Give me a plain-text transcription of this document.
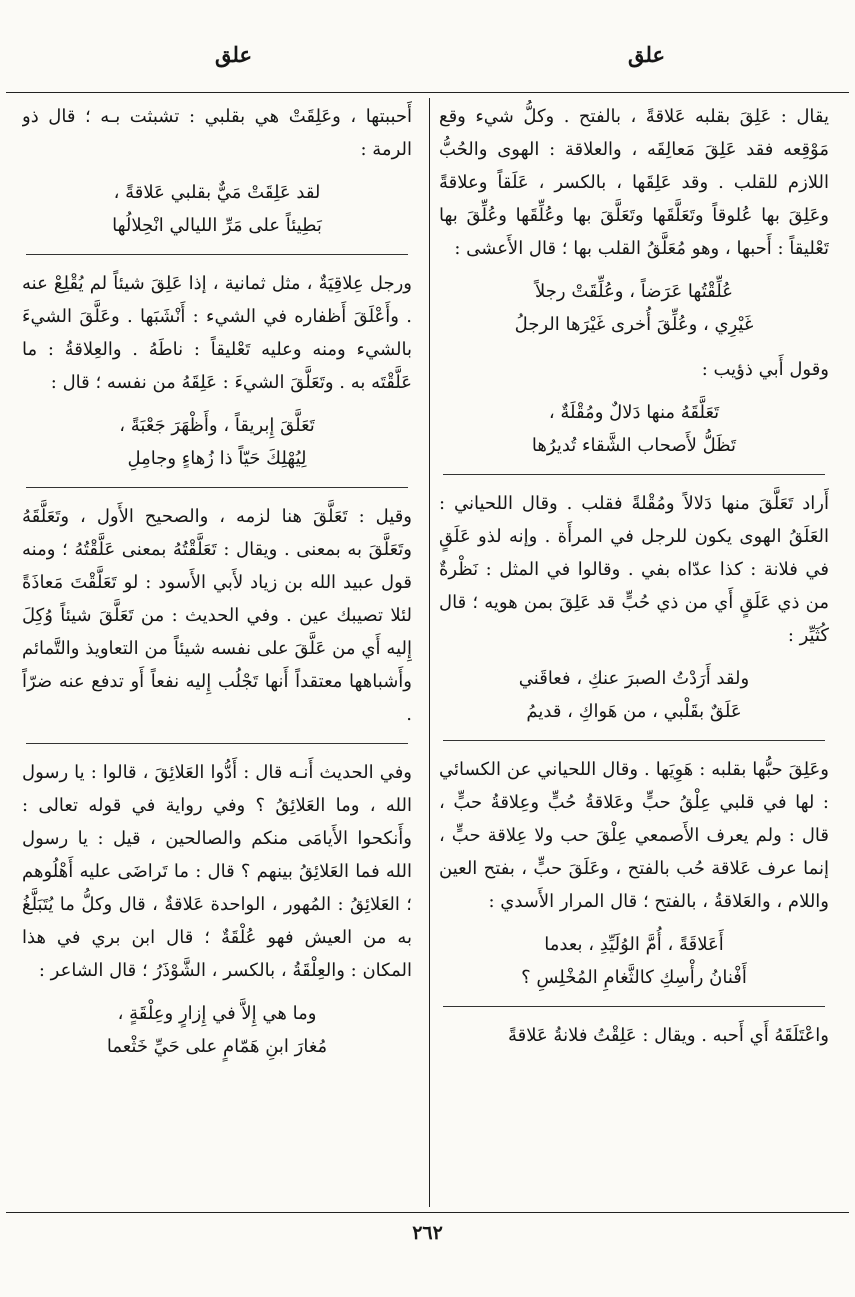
علق
علق

يقال : عَلِقَ بقلبه عَلاقةً ، بالفتح . وكلُّ شيء وقع مَوْقِعه فقد عَلِقَ مَعالِقَه ، والعلاقة : الهوى والحُبُّ اللازم للقلب . وقد عَلِقَها ، بالكسر ، عَلَقاً وعلاقةً وعَلِقَ بها عُلوقاً وتَعَلَّقَها وتَعَلَّقَ بها وعُلِّقَها وعُلِّقَ بها تَعْليقاً : أَحبها ، وهو مُعَلَّقُ القلب بها ؛ قال الأَعشى :

عُلِّقْتُها عَرَضاً ، وعُلِّقَتْ رجلاً
غَيْرِي ، وعُلِّقَ أُخرى غَيْرَها الرجلُ

وقول أَبي ذؤيب :

تَعَلَّقَهُ منها دَلالٌ ومُقْلَةٌ ،
تَظَلُّ لأَصحاب الشَّقاء تُديرُها

أَراد تَعَلَّقَ منها دَلالاً ومُقْلةً فقلب . وقال اللحياني : العَلَقُ الهوى يكون للرجل في المرأَة . وإنه لذو عَلَقٍ في فلانة : كذا عدّاه بفي . وقالوا في المثل : نَظْرةٌ من ذي عَلَقٍ أَي من ذي حُبٍّ قد عَلِقَ بمن هويه ؛ قال كُثَيِّر :

ولقد أَرَدْتُ الصبرَ عنكِ ، فعاقَني
عَلَقٌ بقَلْبي ، من هَواكِ ، قديمُ

وعَلِقَ حبُّها بقلبه : هَوِيَها . وقال اللحياني عن الكسائي : لها في قلبي عِلْقُ حبٍّ وعَلاقةُ حُبٍّ وعِلاقةُ حبٍّ ، قال : ولم يعرف الأَصمعي عِلْقَ حب ولا عِلاقة حبٍّ ، إنما عرف عَلاقة حُب بالفتح ، وعَلَقَ حبٍّ ، بفتح العين واللام ، والعَلاقةُ ، بالفتح ؛ قال المرار الأَسدي :

أَعَلاقَةً ، أُمَّ الوُلَيِّدِ ، بعدما
أَفْنانُ رأْسِكِ كالثَّغامِ المُخْلِسِ ؟

واعْتَلَقَهُ أَي أَحبه . ويقال : عَلِقْتُ فلانةُ عَلاقةً

أَحببتها ، وعَلِقَتْ هي بقلبي : تشبثت بـه ؛ قال ذو الرمة :

لقد عَلِقَتْ مَيٌّ بقلبي عَلاقةً ،
بَطِيئاً على مَرِّ الليالي انْحِلالُها

ورجل عِلاقِيَةٌ ، مثل ثمانية ، إذا عَلِقَ شيئاً لم يُقْلِعْ عنه . وأَعْلَقَ أَظفاره في الشيء : أَنْشَبَها . وعَلَّقَ الشيءَ بالشيء ومنه وعليه تَعْليقاً : ناطَهُ . والعِلاقةُ : ما عَلَّقْتَه به . وتَعَلَّقَ الشيءَ : عَلِقَهُ من نفسه ؛ قال :

تَعَلَّقَ إِبريقاً ، وأَظْهَرَ جَعْبَةً ،
لِيُهْلِكَ حَيّاً ذا زُهاءٍ وجامِلِ

وقيل : تَعَلَّقَ هنا لزمه ، والصحيح الأَول ، وتَعَلَّقَهُ وتَعَلَّقَ به بمعنى . ويقال : تَعَلَّقْتُهُ بمعنى عَلَّقْتُهُ ؛ ومنه قول عبيد الله بن زياد لأَبي الأَسود : لو تَعَلَّقْتَ مَعاذَةً لئلا تصيبك عين . وفي الحديث : من تَعَلَّقَ شيئاً وُكِلَ إِليه أَي من عَلَّقَ على نفسه شيئاً من التعاويذ والتَّمائم وأَشباهها معتقداً أَنها تَجْلُب إِليه نفعاً أَو تدفع عنه ضرّاً .

وفي الحديث أَنـه قال : أَدُّوا العَلائِقَ ، قالوا : يا رسول الله ، وما العَلائِقُ ؟ وفي رواية في قوله تعالى : وأَنكحوا الأَيامَى منكم والصالحين ، قيل : يا رسول الله فما العَلائِقُ بينهم ؟ قال : ما تَراضَى عليه أَهْلُوهم ؛ العَلائِقُ : المُهور ، الواحدة عَلاقةٌ ، قال وكلُّ ما يُتَبَلَّغُ به من العيش فهو عُلْقَةٌ ؛ قال ابن بري في هذا المكان : والعِلْقَةُ ، بالكسر ، الشَّوْذَرُ ؛ قال الشاعر :

وما هي إِلاَّ في إِزارٍ وعِلْقَةٍ ،
مُغارَ ابنِ هَمّامٍ على حَيِّ خَثْعما

٢٦٢
